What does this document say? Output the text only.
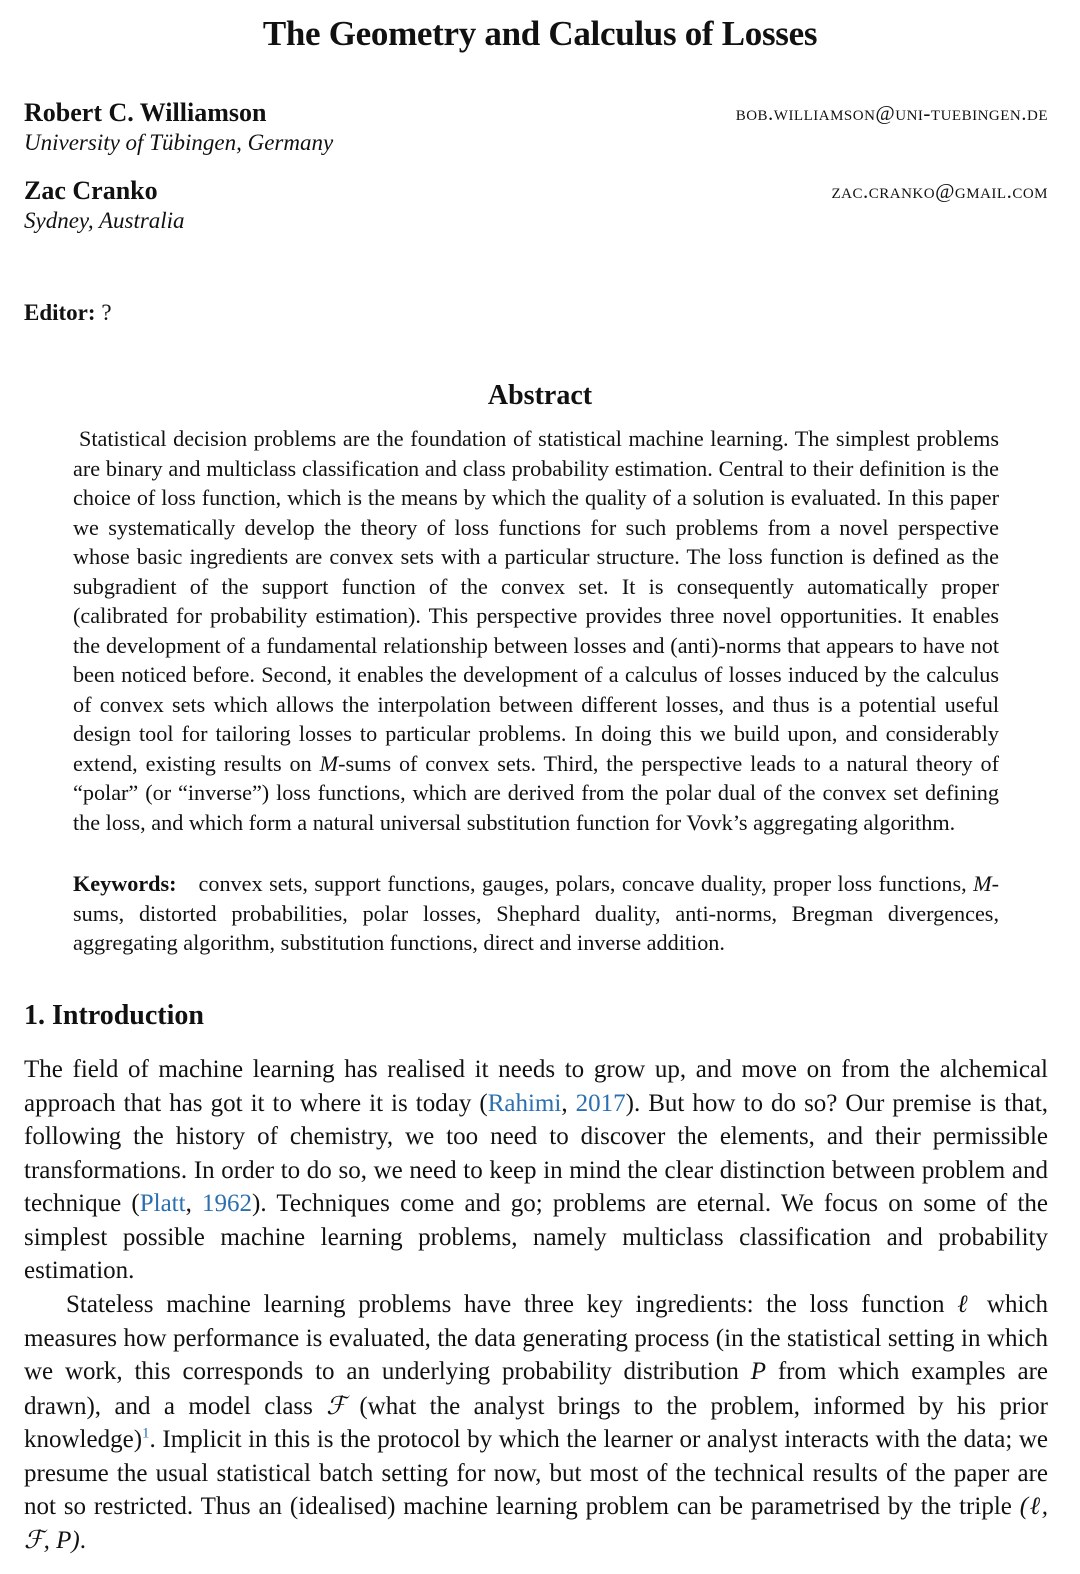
The Geometry and Calculus of Losses
Robert C. Williamson
University of Tübingen, Germany
bob.williamson@uni-tuebingen.de
Zac Cranko
Sydney, Australia
zac.cranko@gmail.com
Editor: ?
Abstract
Statistical decision problems are the foundation of statistical machine learning. The simplest problems are binary and multiclass classification and class probability estimation. Central to their definition is the choice of loss function, which is the means by which the quality of a solution is evaluated. In this paper we systematically develop the theory of loss functions for such problems from a novel perspective whose basic ingredients are convex sets with a particular structure. The loss function is defined as the subgradient of the support function of the convex set. It is consequently automatically proper (calibrated for probability estimation). This perspective provides three novel opportunities. It enables the development of a fundamental relationship between losses and (anti)-norms that appears to have not been noticed before. Second, it enables the development of a calculus of losses induced by the calculus of convex sets which allows the interpolation between different losses, and thus is a potential useful design tool for tailoring losses to particular problems. In doing this we build upon, and considerably extend, existing results on M-sums of convex sets. Third, the perspective leads to a natural theory of “polar” (or “inverse”) loss functions, which are derived from the polar dual of the convex set defining the loss, and which form a natural universal substitution function for Vovk’s aggregating algorithm.
Keywords: convex sets, support functions, gauges, polars, concave duality, proper loss functions, M-sums, distorted probabilities, polar losses, Shephard duality, anti-norms, Bregman divergences, aggregating algorithm, substitution functions, direct and inverse addition.
1. Introduction
The field of machine learning has realised it needs to grow up, and move on from the alchemical approach that has got it to where it is today (Rahimi, 2017). But how to do so? Our premise is that, following the history of chemistry, we too need to discover the elements, and their permissible transformations. In order to do so, we need to keep in mind the clear distinction between problem and technique (Platt, 1962). Techniques come and go; problems are eternal. We focus on some of the simplest possible machine learning problems, namely multiclass classification and probability estimation.
Stateless machine learning problems have three key ingredients: the loss function ℓ which measures how performance is evaluated, the data generating process (in the statistical setting in which we work, this corresponds to an underlying probability distribution P from which examples are drawn), and a model class ℱ (what the analyst brings to the problem, informed by his prior knowledge)$^1$. Implicit in this is the protocol by which the learner or analyst interacts with the data; we presume the usual statistical batch setting for now, but most of the technical results of the paper are not so restricted. Thus an (idealised) machine learning problem can be parametrised by the triple (ℓ, ℱ, P).
